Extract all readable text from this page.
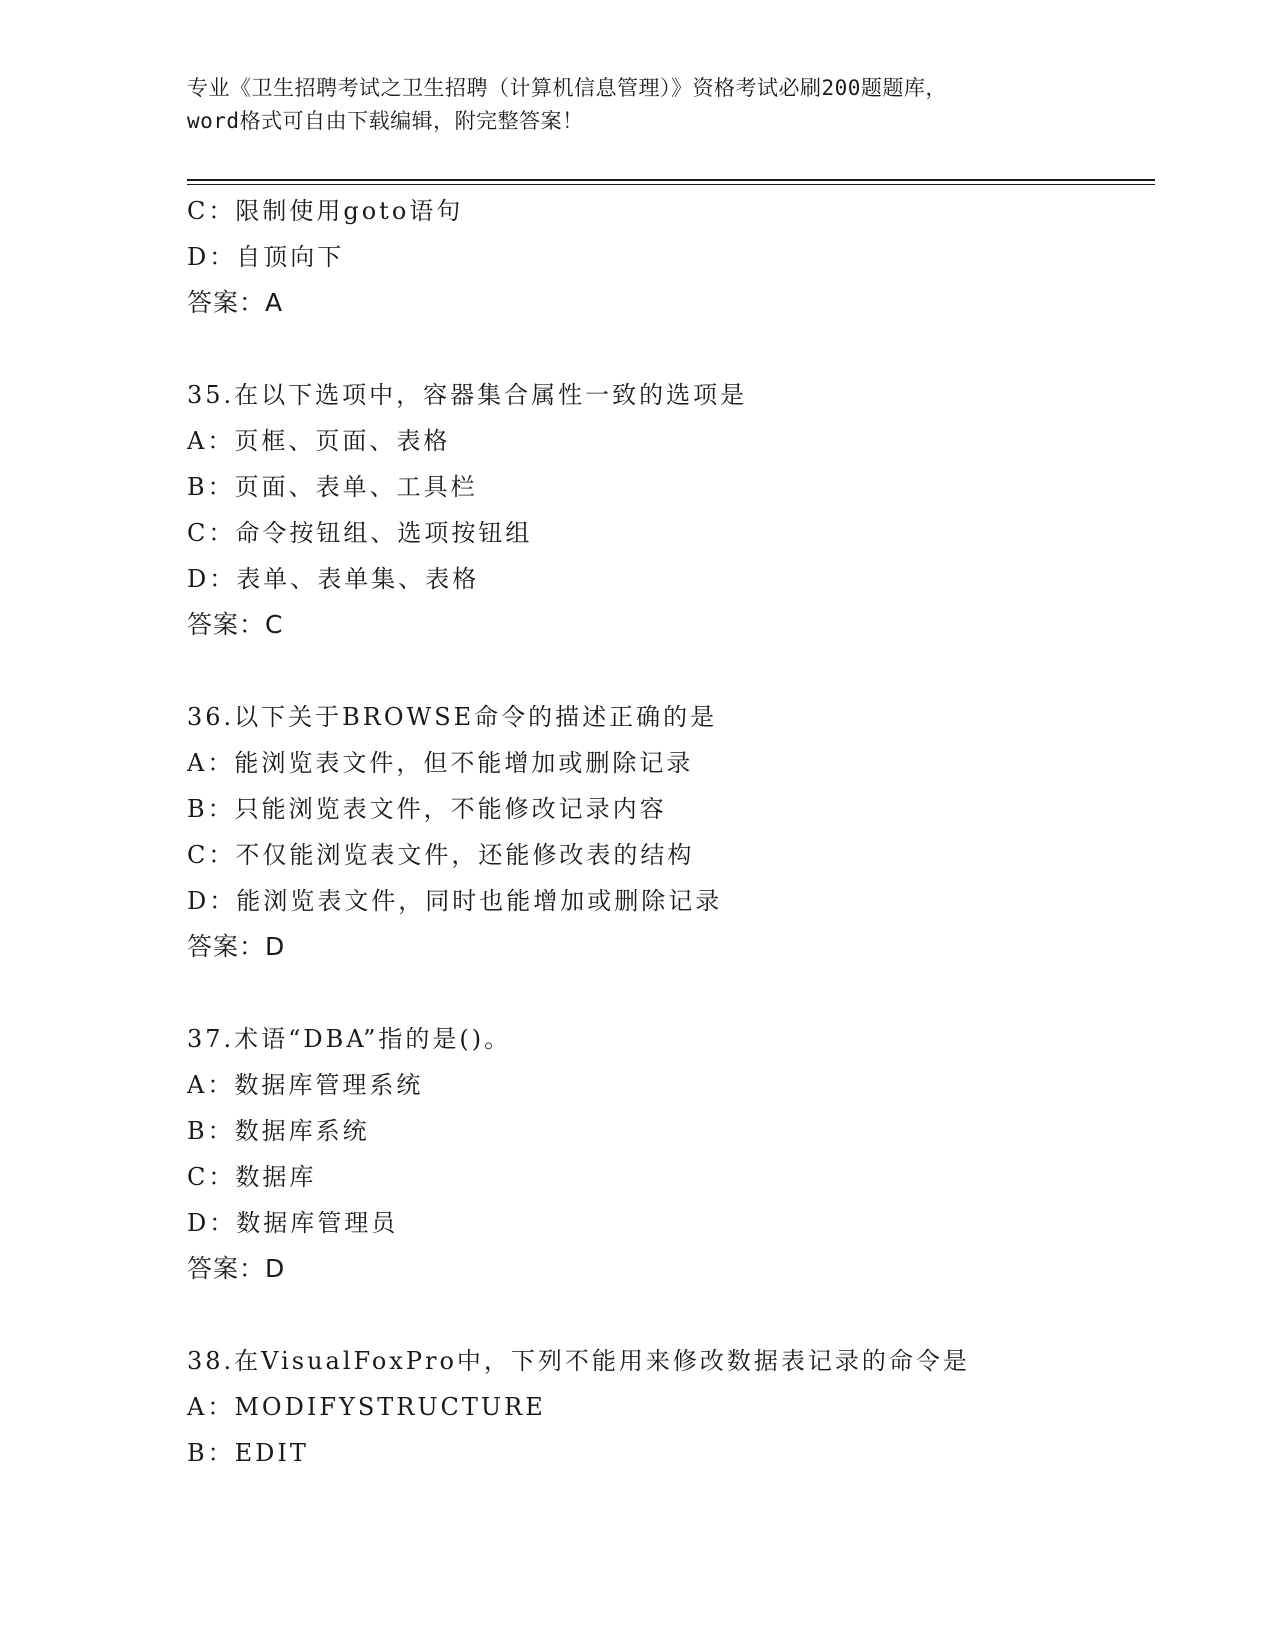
专业《卫生招聘考试之卫生招聘（计算机信息管理）》资格考试必刷200题题库，
word格式可自由下载编辑，附完整答案！
C：限制使用goto语句
D：自顶向下
答案：A
35.在以下选项中，容器集合属性一致的选项是
A：页框、页面、表格
B：页面、表单、工具栏
C：命令按钮组、选项按钮组
D：表单、表单集、表格
答案：C
36.以下关于BROWSE命令的描述正确的是
A：能浏览表文件，但不能增加或删除记录
B：只能浏览表文件，不能修改记录内容
C：不仅能浏览表文件，还能修改表的结构
D：能浏览表文件，同时也能增加或删除记录
答案：D
37.术语“DBA”指的是()。
A：数据库管理系统
B：数据库系统
C：数据库
D：数据库管理员
答案：D
38.在VisualFoxPro中，下列不能用来修改数据表记录的命令是
A：MODIFYSTRUCTURE
B：EDIT
